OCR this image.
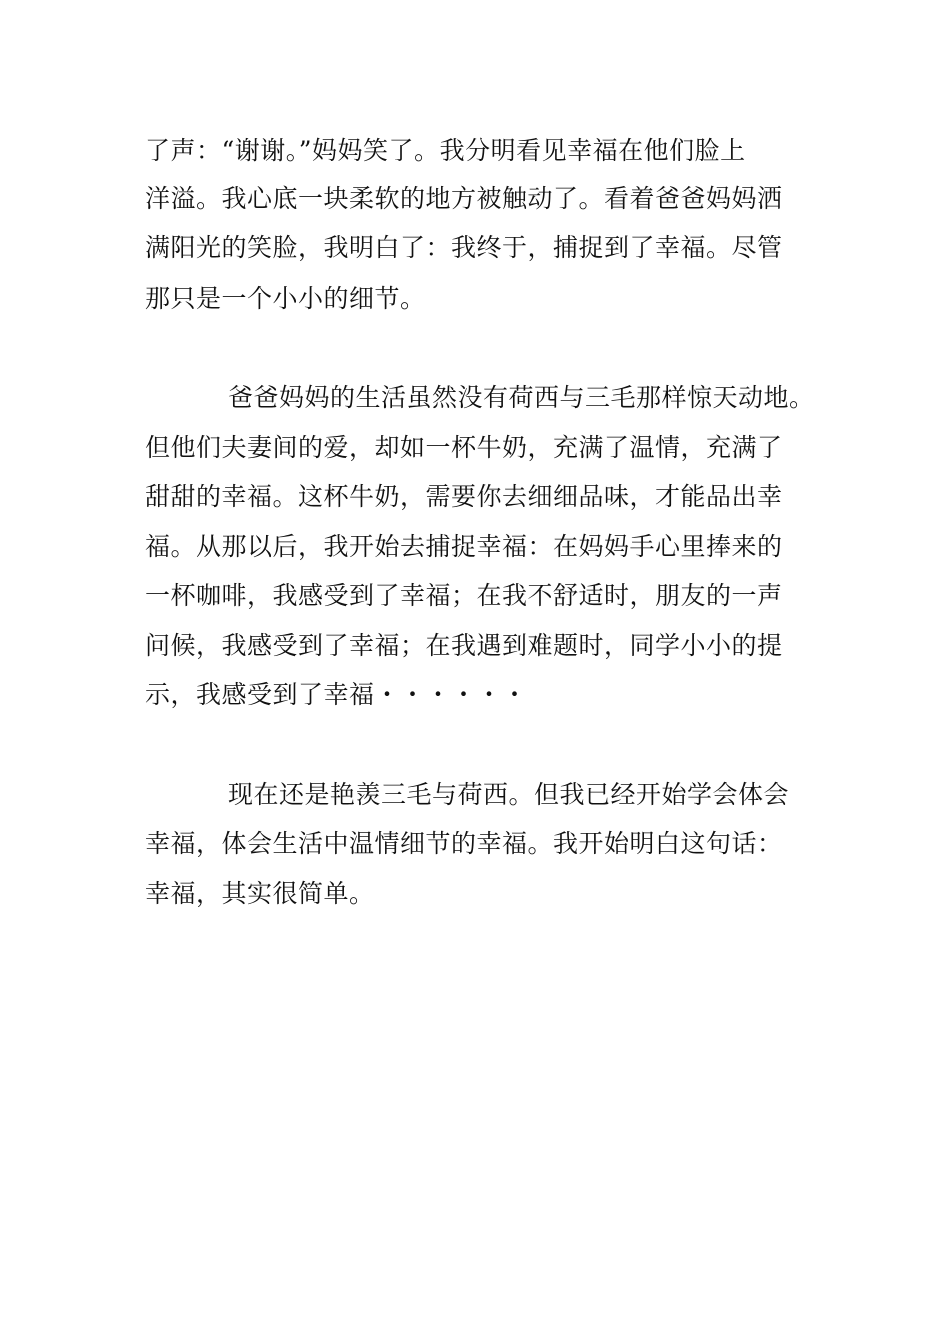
了声：“谢谢。”妈妈笑了。我分明看见幸福在他们脸上
洋溢。我心底一块柔软的地方被触动了。看着爸爸妈妈洒
满阳光的笑脸，我明白了：我终于，捕捉到了幸福。尽管
那只是一个小小的细节。
爸爸妈妈的生活虽然没有荷西与三毛那样惊天动地。
但他们夫妻间的爱，却如一杯牛奶，充满了温情，充满了
甜甜的幸福。这杯牛奶，需要你去细细品味，才能品出幸
福。从那以后，我开始去捕捉幸福：在妈妈手心里捧来的
一杯咖啡，我感受到了幸福；在我不舒适时，朋友的一声
问候，我感受到了幸福；在我遇到难题时，同学小小的提
示，我感受到了幸福・・・・・・
现在还是艳羡三毛与荷西。但我已经开始学会体会
幸福，体会生活中温情细节的幸福。我开始明白这句话：
幸福，其实很简单。
